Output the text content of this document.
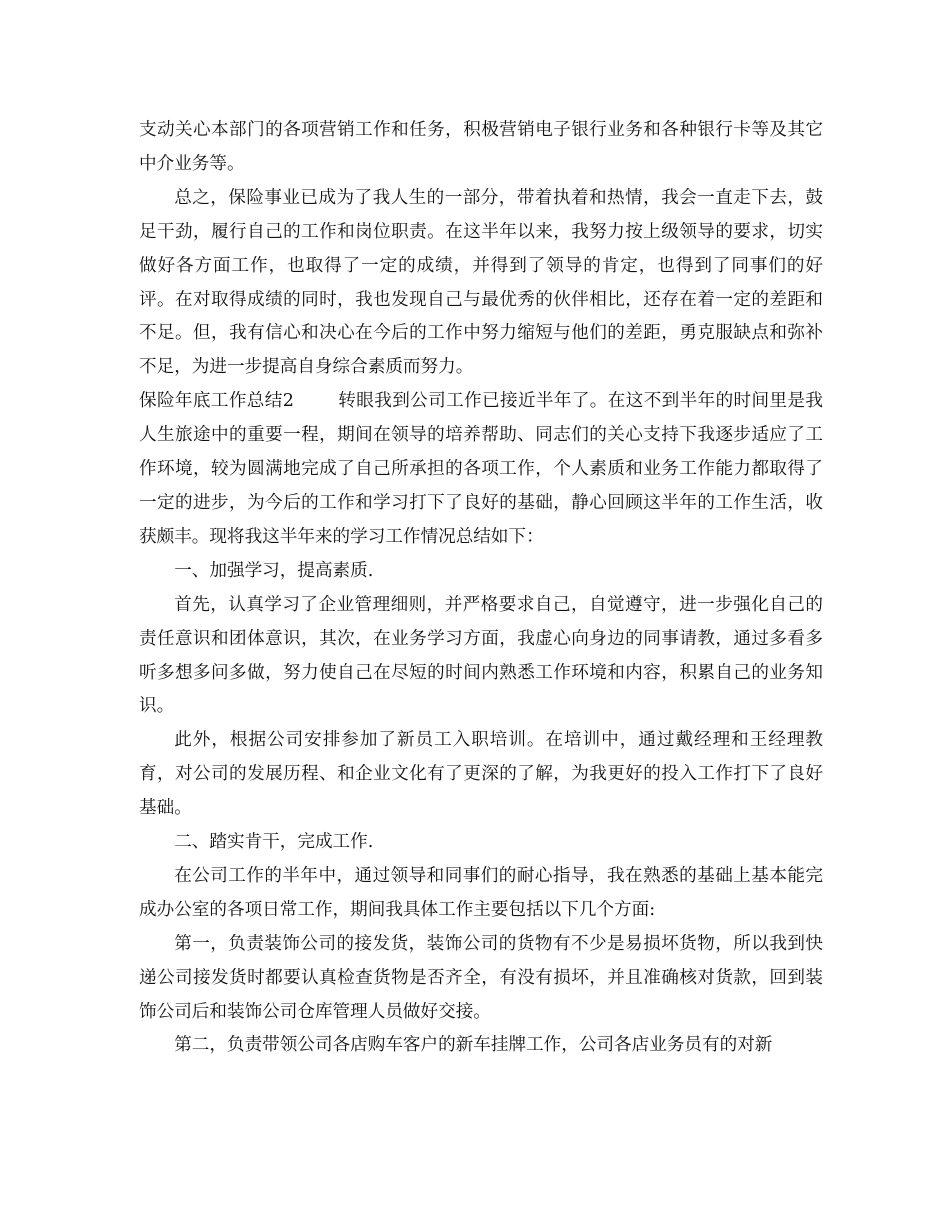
支动关心本部门的各项营销工作和任务，积极营销电子银行业务和各种银行卡等及其它中介业务等。

总之，保险事业已成为了我人生的一部分，带着执着和热情，我会一直走下去，鼓足干劲，履行自己的工作和岗位职责。在这半年以来，我努力按上级领导的要求，切实做好各方面工作，也取得了一定的成绩，并得到了领导的肯定，也得到了同事们的好评。在对取得成绩的同时，我也发现自己与最优秀的伙伴相比，还存在着一定的差距和不足。但，我有信心和决心在今后的工作中努力缩短与他们的差距，勇克服缺点和弥补不足，为进一步提高自身综合素质而努力。

保险年底工作总结2	转眼我到公司工作已接近半年了。在这不到半年的时间里是我人生旅途中的重要一程，期间在领导的培养帮助、同志们的关心支持下我逐步适应了工作环境，较为圆满地完成了自己所承担的各项工作，个人素质和业务工作能力都取得了一定的进步，为今后的工作和学习打下了良好的基础，静心回顾这半年的工作生活，收获颇丰。现将我这半年来的学习工作情况总结如下：

一、加强学习，提高素质.

首先，认真学习了企业管理细则，并严格要求自己，自觉遵守，进一步强化自己的责任意识和团体意识，其次，在业务学习方面，我虚心向身边的同事请教，通过多看多听多想多问多做，努力使自己在尽短的时间内熟悉工作环境和内容，积累自己的业务知识。

此外，根据公司安排参加了新员工入职培训。在培训中，通过戴经理和王经理教育，对公司的发展历程、和企业文化有了更深的了解，为我更好的投入工作打下了良好基础。

二、踏实肯干，完成工作.

在公司工作的半年中，通过领导和同事们的耐心指导，我在熟悉的基础上基本能完成办公室的各项日常工作，期间我具体工作主要包括以下几个方面:

第一，负责装饰公司的接发货，装饰公司的货物有不少是易损坏货物，所以我到快递公司接发货时都要认真检查货物是否齐全，有没有损坏，并且准确核对货款，回到装饰公司后和装饰公司仓库管理人员做好交接。

第二，负责带领公司各店购车客户的新车挂牌工作，公司各店业务员有的对新
